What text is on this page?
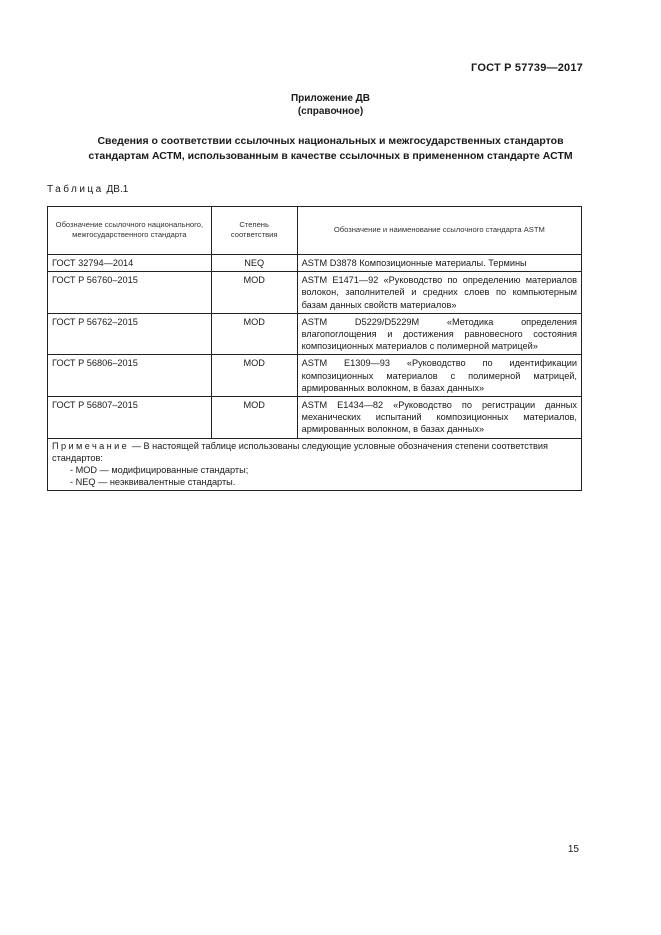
ГОСТ Р 57739—2017
Приложение ДВ
(справочное)
Сведения о соответствии ссылочных национальных и межгосударственных стандартов
стандартам АСТМ, использованным в качестве ссылочных в примененном стандарте АСТМ
Таблица ДВ.1
Обозначение ссылочного национального, межгосударственного стандарта	Степень соответствия	Обозначение и наименование ссылочного стандарта ASTM
ГОСТ 32794—2014	NEQ	ASTM D3878 Композиционные материалы. Термины
ГОСТ Р 56760–2015	MOD	ASTM E1471—92 «Руководство по определению материалов волокон, заполнителей и средних слоев по компьютерным базам данных свойств материалов»
ГОСТ Р 56762–2015	MOD	ASTM D5229/D5229M «Методика определения влагопоглощения и достижения равновесного состояния композиционных материалов с полимерной матрицей»
ГОСТ Р 56806–2015	MOD	ASTM E1309—93 «Руководство по идентификации композиционных материалов с полимерной матрицей, армированных волокном, в базах данных»
ГОСТ Р 56807–2015	MOD	ASTM E1434—82 «Руководство по регистрации данных механических испытаний композиционных материалов, армированных волокном, в базах данных»
Примечание — В настоящей таблице использованы следующие условные обозначения степени соответствия стандартов:
- MOD — модифицированные стандарты;
- NEQ — неэквивалентные стандарты.		
15
